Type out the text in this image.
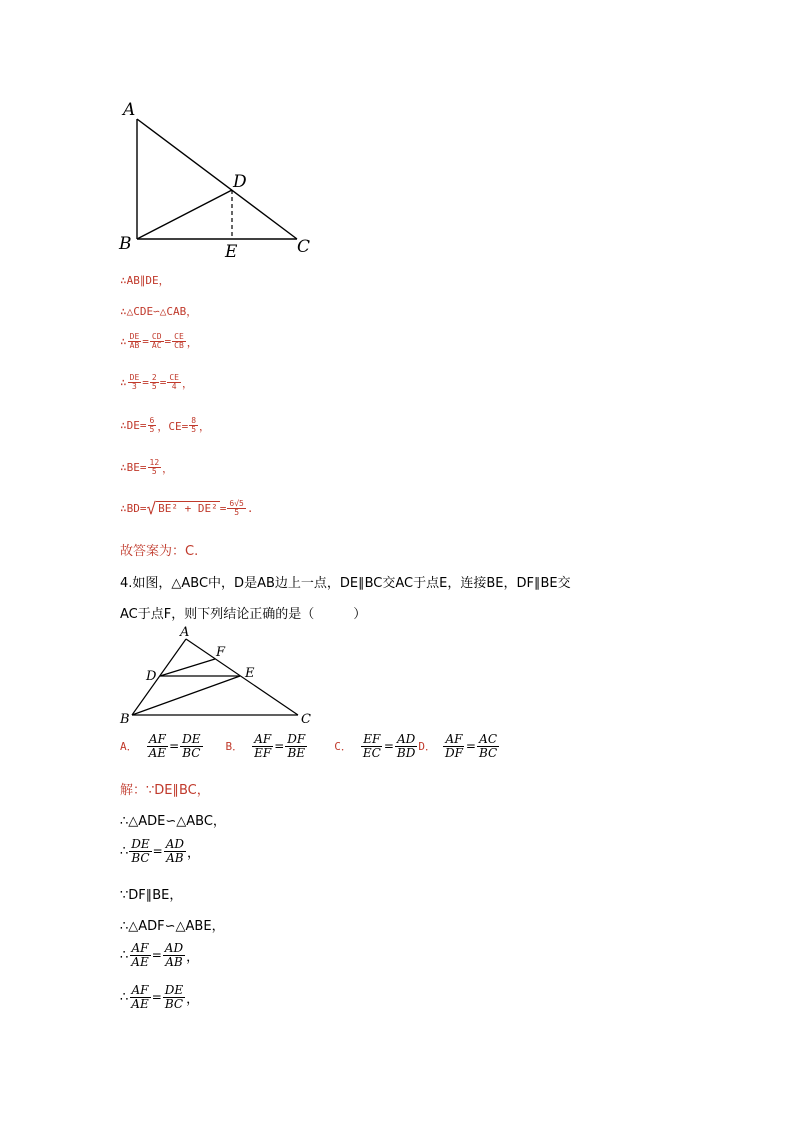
A
D
B	E	C
∴AB∥DE，
∴△CDE∽△CAB，
∴ $\frac{DE}{AB} = \frac{CD}{AC} = \frac{CE}{CB}$ ，
∴ $\frac{DE}{3} = \frac{2}{5} = \frac{CE}{4}$ ，
∴DE= $\frac{6}{5}$ ，$CE= \frac{8}{5}$ ，
∴BE= $\frac{12}{5}$ ，
∴BD= √ $BE^2 + DE^2 = \frac{6√5}{5}$ .
故答案为：C.
4.如图，△ABC中，D是AB边上一点，DE∥BC交AC于点E，连接BE，DF∥BE交
AC于点F，则下列结论正确的是（　　　）
A
F
D	E
B	C
A． $\frac{AF}{AE} = \frac{DE}{BC}$ B． $\frac{AF}{EF} = \frac{DF}{BE}$ C． $\frac{EF}{EC} = \frac{AD}{BD}$ D． $\frac{AF}{DF} = \frac{AC}{BC}$
解：∵DE∥BC，
∴△ADE∽△ABC，
∴ $\frac{DE}{BC} = \frac{AD}{AB}$ ，
∵DF∥BE，
∴△ADF∽△ABE，
∴ $\frac{AF}{AE} = \frac{AD}{AB}$ ，
∴ $\frac{AF}{AE} = \frac{DE}{BC}$ ，
